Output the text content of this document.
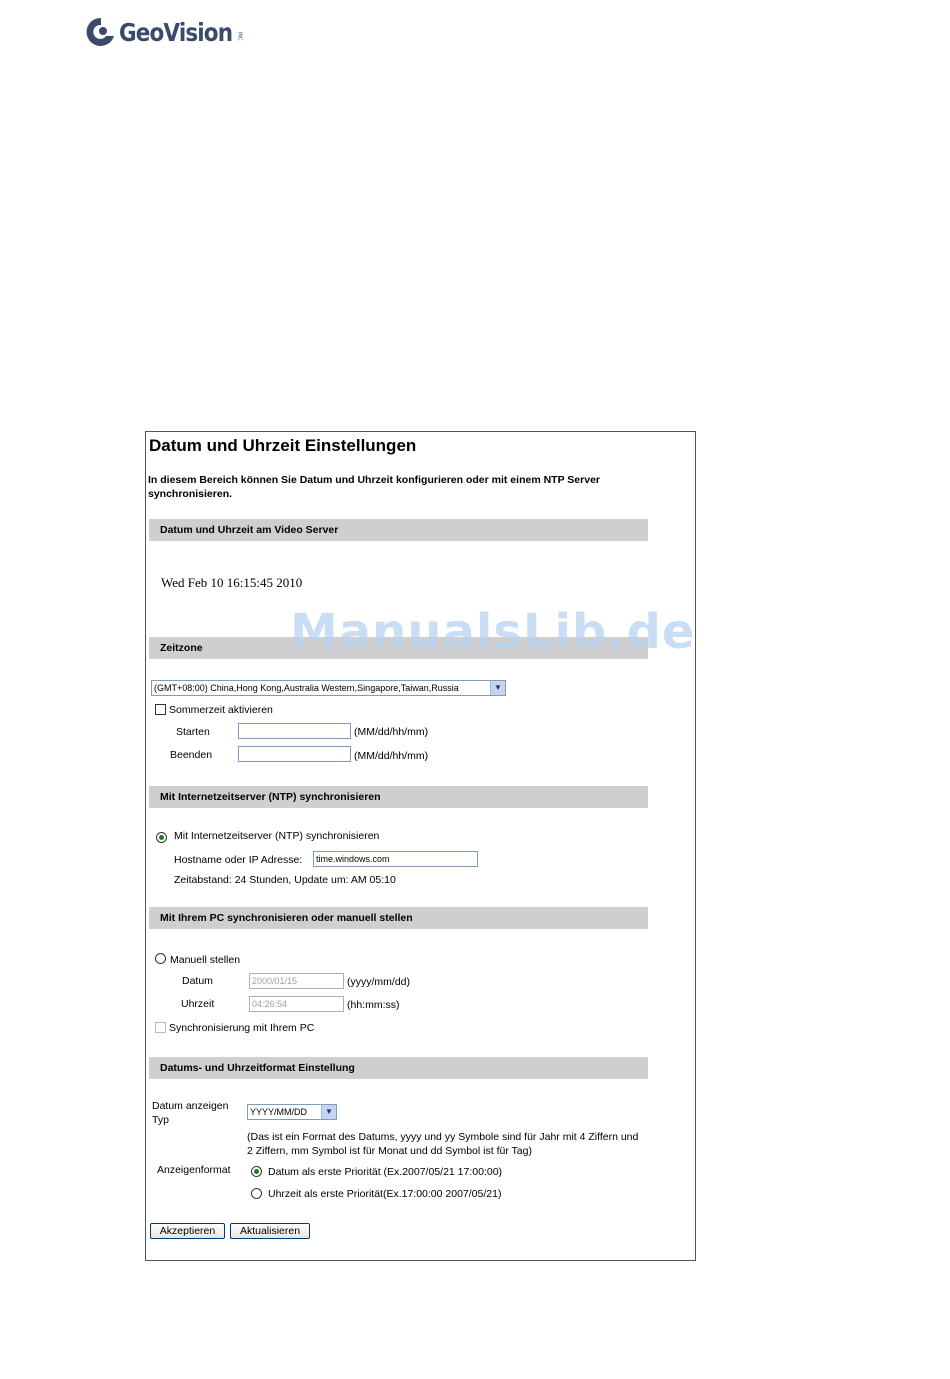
GeoVision INC
Datum und Uhrzeit Einstellungen
In diesem Bereich können Sie Datum und Uhrzeit konfigurieren oder mit einem NTP Server synchronisieren.
Datum und Uhrzeit am Video Server
Wed Feb 10 16:15:45 2010
Zeitzone
(GMT+08:00) China,Hong Kong,Australia Western,Singapore,Taiwan,Russia	▼
Sommerzeit aktivieren
Starten	(MM/dd/hh/mm)
Beenden	(MM/dd/hh/mm)
Mit Internetzeitserver (NTP) synchronisieren
Mit Internetzeitserver (NTP) synchronisieren
Hostname oder IP Adresse:	time.windows.com
Zeitabstand: 24 Stunden, Update um: AM 05:10
Mit Ihrem PC synchronisieren oder manuell stellen
Manuell stellen
Datum	2000/01/15	(yyyy/mm/dd)
Uhrzeit	04:26:54	(hh:mm:ss)
Synchronisierung mit Ihrem PC
Datums- und Uhrzeitformat Einstellung
Datum anzeigen
Typ
YYYY/MM/DD	▼
(Das ist ein Format des Datums, yyyy und yy Symbole sind für Jahr mit 4 Ziffern und 2 Ziffern, mm Symbol ist für Monat und dd Symbol ist für Tag)
Anzeigenformat	Datum als erste Priorität (Ex.2007/05/21 17:00:00)
Uhrzeit als erste Priorität(Ex.17:00:00 2007/05/21)
Akzeptieren	Aktualisieren
ManualsLib.de
